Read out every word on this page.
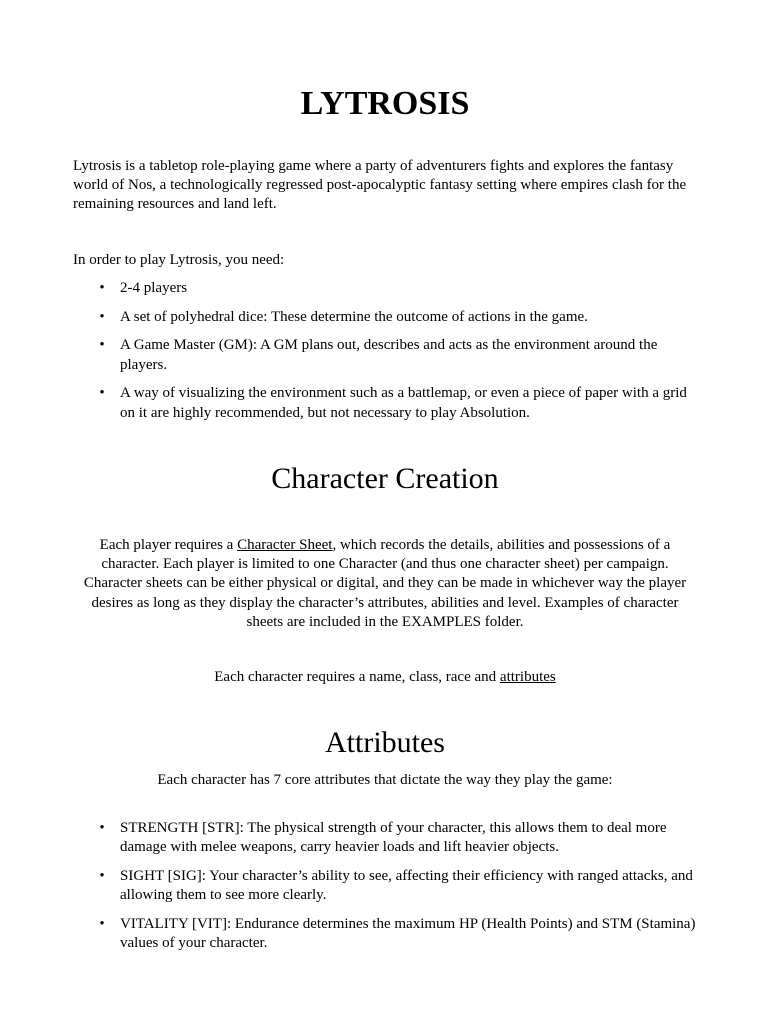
LYTROSIS

Lytrosis is a tabletop role-playing game where a party of adventurers fights and explores the fantasy world of Nos, a technologically regressed post-apocalyptic fantasy setting where empires clash for the remaining resources and land left.

In order to play Lytrosis, you need:

• 2-4 players
• A set of polyhedral dice: These determine the outcome of actions in the game.
• A Game Master (GM): A GM plans out, describes and acts as the environment around the players.
• A way of visualizing the environment such as a battlemap, or even a piece of paper with a grid on it are highly recommended, but not necessary to play Absolution.
Character Creation

Each player requires a Character Sheet, which records the details, abilities and possessions of a character. Each player is limited to one Character (and thus one character sheet) per campaign. Character sheets can be either physical or digital, and they can be made in whichever way the player desires as long as they display the character’s attributes, abilities and level. Examples of character sheets are included in the EXAMPLES folder.

Each character requires a name, class, race and attributes

Attributes

Each character has 7 core attributes that dictate the way they play the game:

• STRENGTH [STR]: The physical strength of your character, this allows them to deal more damage with melee weapons, carry heavier loads and lift heavier objects.
• SIGHT [SIG]: Your character’s ability to see, affecting their efficiency with ranged attacks, and allowing them to see more clearly.
• VITALITY [VIT]: Endurance determines the maximum HP (Health Points) and STM (Stamina) values of your character.
